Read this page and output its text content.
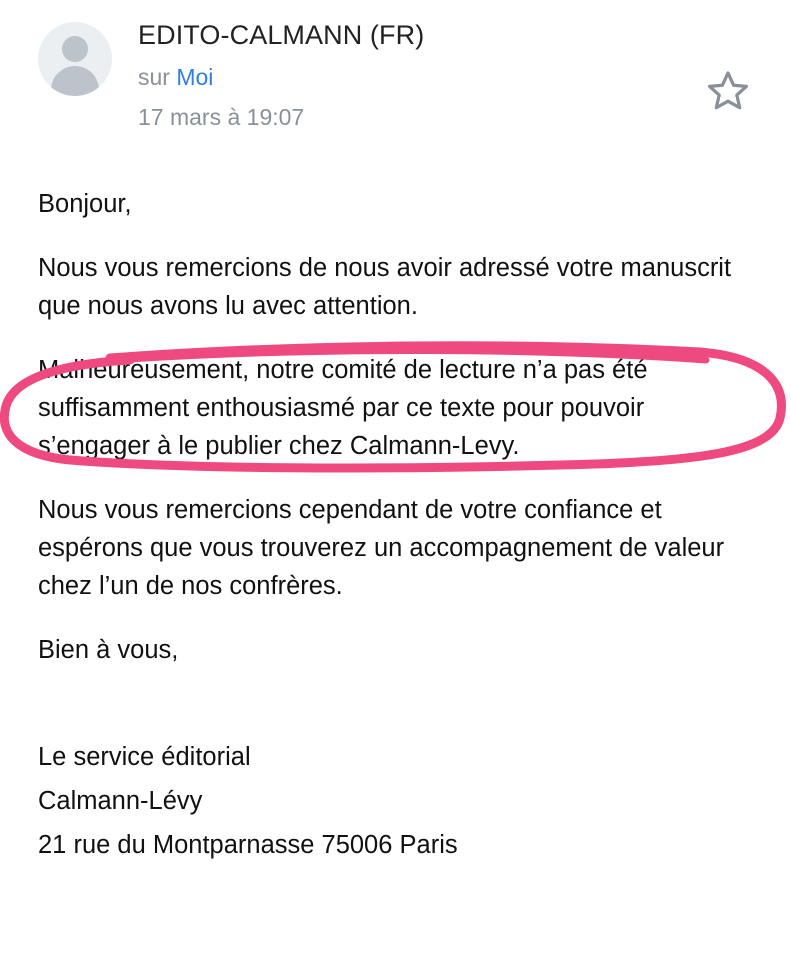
EDITO-CALMANN (FR)
sur Moi
17 mars à 19:07

Bonjour,

Nous vous remercions de nous avoir adressé votre manuscrit que nous avons lu avec attention.

Malheureusement, notre comité de lecture n’a pas été suffisamment enthousiasmé par ce texte pour pouvoir s’engager à le publier chez Calmann-Levy.

Nous vous remercions cependant de votre confiance et espérons que vous trouverez un accompagnement de valeur chez l’un de nos confrères.

Bien à vous,

Le service éditorial
Calmann-Lévy
21 rue du Montparnasse 75006 Paris
